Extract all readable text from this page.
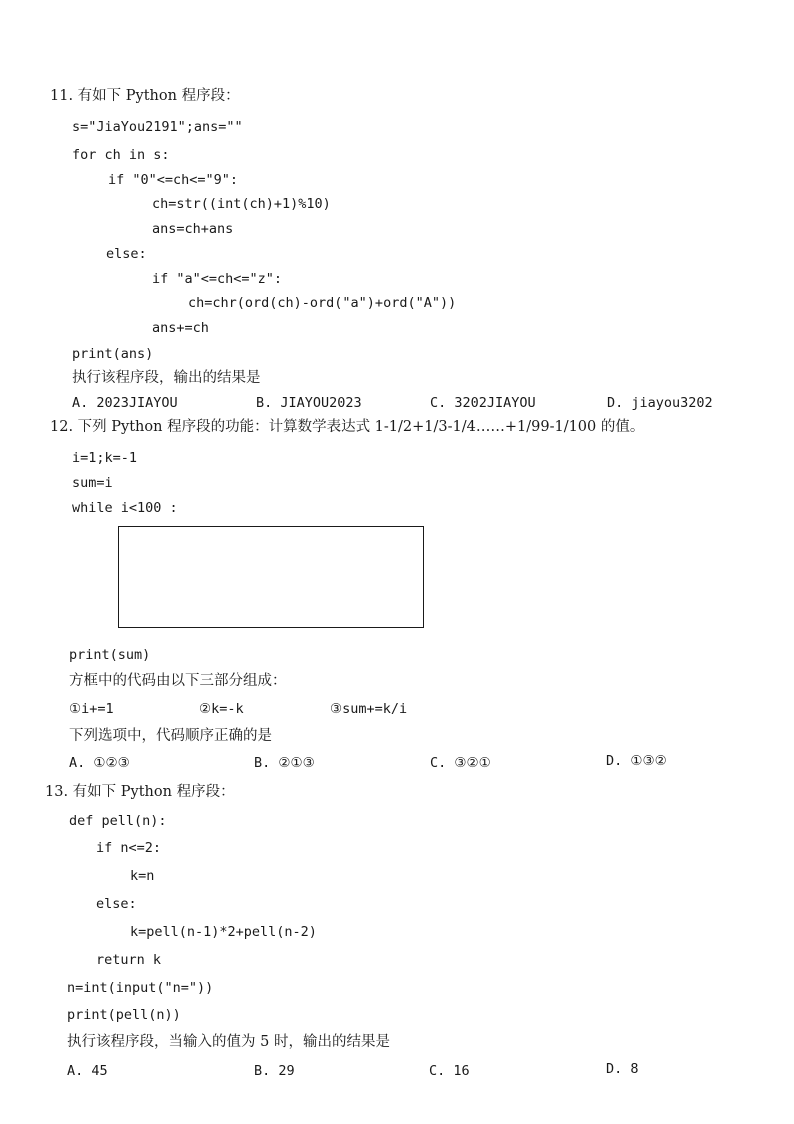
11. 有如下 Python 程序段：
s="JiaYou2191";ans=""
for ch in s:
if "0"<=ch<="9":
ch=str((int(ch)+1)%10)
ans=ch+ans
else:
if "a"<=ch<="z":
ch=chr(ord(ch)-ord("a")+ord("A"))
ans+=ch
print(ans)
执行该程序段，输出的结果是
A. 2023JIAYOU	B. JIAYOU2023	C. 3202JIAYOU	D. jiayou3202
12. 下列 Python 程序段的功能：计算数学表达式 1-1/2+1/3-1/4……+1/99-1/100 的值。
i=1;k=-1
sum=i
while i<100 :
print(sum)
方框中的代码由以下三部分组成：
①i+=1	②k=-k	③sum+=k/i
下列选项中，代码顺序正确的是
A. ①②③	B. ②①③	C. ③②①	D. ①③②
13. 有如下 Python 程序段：
def pell(n):
if n<=2:
k=n
else:
k=pell(n-1)*2+pell(n-2)
return k
n=int(input("n="))
print(pell(n))
执行该程序段，当输入的值为 5 时，输出的结果是
A. 45	B. 29	C. 16	D. 8
